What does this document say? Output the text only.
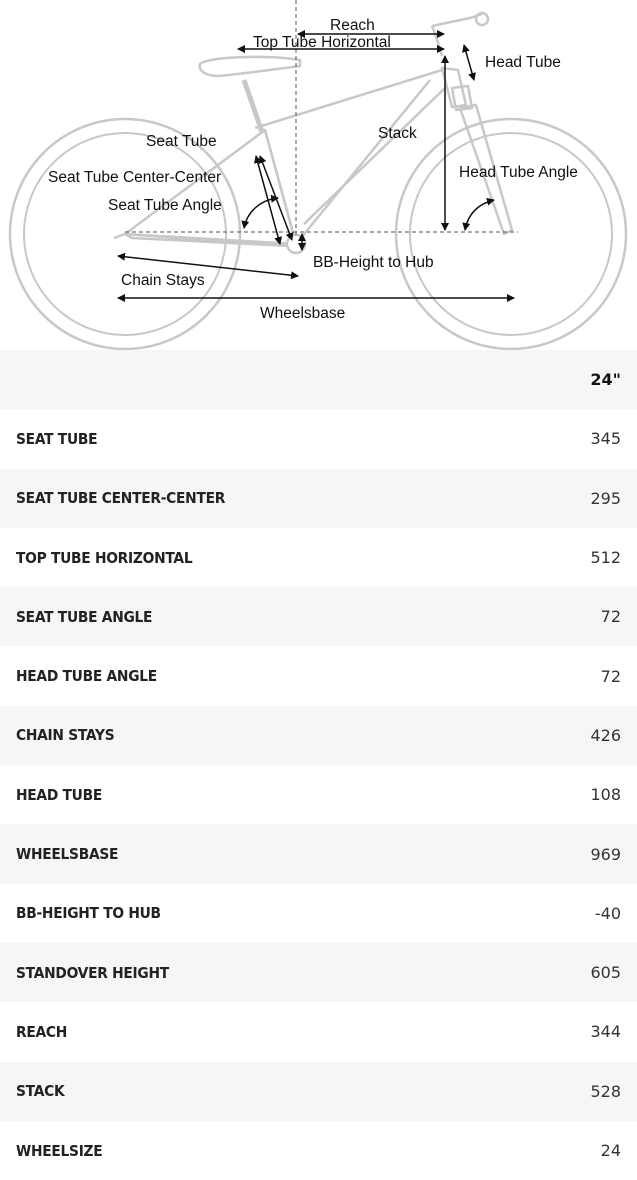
Reach
Top Tube Horizontal
Head Tube
Seat Tube	Stack
Seat Tube Center-Center	Head Tube Angle
Seat Tube Angle
BB-Height to Hub
Chain Stays
Wheelsbase
24"
SEAT TUBE	345
SEAT TUBE CENTER-CENTER	295
TOP TUBE HORIZONTAL	512
SEAT TUBE ANGLE	72
HEAD TUBE ANGLE	72
CHAIN STAYS	426
HEAD TUBE	108
WHEELSBASE	969
BB-HEIGHT TO HUB	-40
STANDOVER HEIGHT	605
REACH	344
STACK	528
WHEELSIZE	24
